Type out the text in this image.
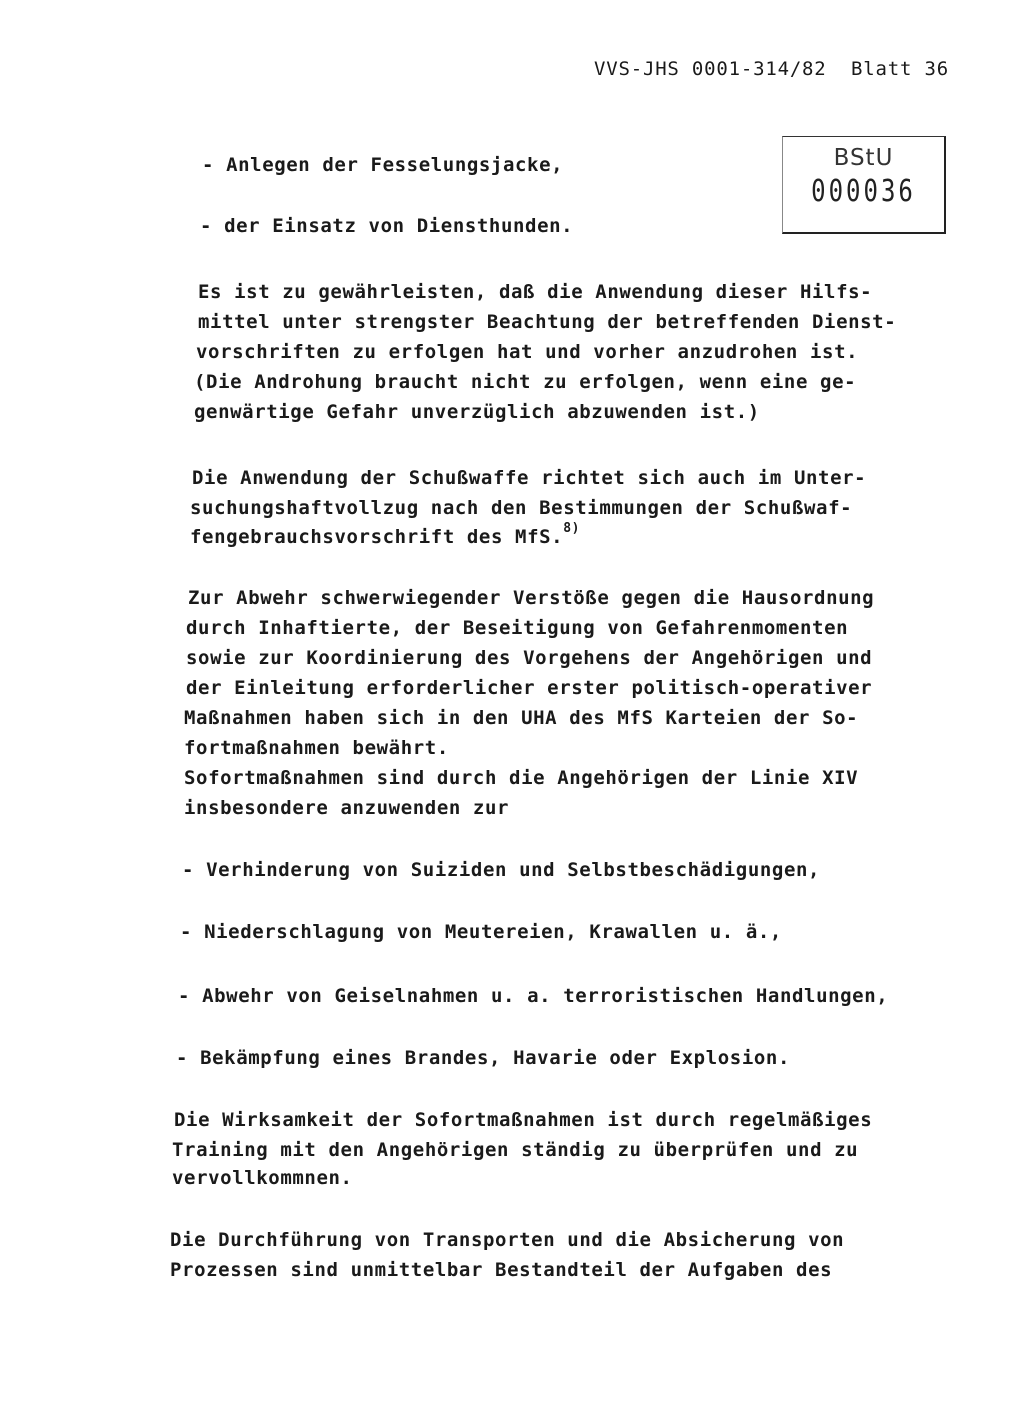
VVS-JHS 0001-314/82 Blatt 36
BStU
000036
- Anlegen der Fesselungsjacke,
- der Einsatz von Diensthunden.
Es ist zu gewährleisten, daß die Anwendung dieser Hilfs-
mittel unter strengster Beachtung der betreffenden Dienst-
vorschriften zu erfolgen hat und vorher anzudrohen ist.
(Die Androhung braucht nicht zu erfolgen, wenn eine ge-
genwärtige Gefahr unverzüglich abzuwenden ist.)
Die Anwendung der Schußwaffe richtet sich auch im Unter-
suchungshaftvollzug nach den Bestimmungen der Schußwaf-
fengebrauchsvorschrift des MfS.$^{8)}$
Zur Abwehr schwerwiegender Verstöße gegen die Hausordnung
durch Inhaftierte, der Beseitigung von Gefahrenmomenten
sowie zur Koordinierung des Vorgehens der Angehörigen und
der Einleitung erforderlicher erster politisch-operativer
Maßnahmen haben sich in den UHA des MfS Karteien der So-
fortmaßnahmen bewährt.
Sofortmaßnahmen sind durch die Angehörigen der Linie XIV
insbesondere anzuwenden zur
- Verhinderung von Suiziden und Selbstbeschädigungen,
- Niederschlagung von Meutereien, Krawallen u. ä.,
- Abwehr von Geiselnahmen u. a. terroristischen Handlungen,
- Bekämpfung eines Brandes, Havarie oder Explosion.
Die Wirksamkeit der Sofortmaßnahmen ist durch regelmäßiges
Training mit den Angehörigen ständig zu überprüfen und zu
vervollkommnen.
Die Durchführung von Transporten und die Absicherung von
Prozessen sind unmittelbar Bestandteil der Aufgaben des
